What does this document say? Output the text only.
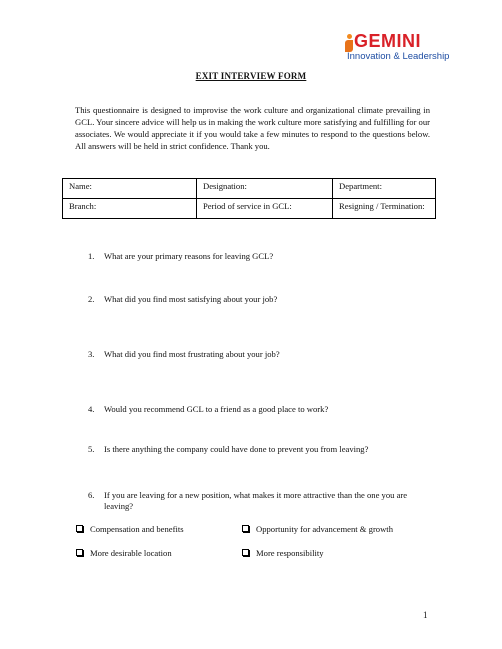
GEMINI
Innovation & Leadership
EXIT INTERVIEW FORM

This questionnaire is designed to improvise the work culture and organizational climate prevailing in GCL. Your sincere advice will help us in making the work culture more satisfying and fulfilling for our associates. We would appreciate it if you would take a few minutes to respond to the questions below. All answers will be held in strict confidence. Thank you.

Name:	Designation:	Department:
Branch:	Period of service in GCL:	Resigning / Termination:
1.	What are your primary reasons for leaving GCL?
2.	What did you find most satisfying about your job?
3.	What did you find most frustrating about your job?
4.	Would you recommend GCL to a friend as a good place to work?
5.	Is there anything the company could have done to prevent you from leaving?
6.	If you are leaving for a new position, what makes it more attractive than the one you are leaving?
Compensation and benefits	Opportunity for advancement & growth
More desirable location	More responsibility
1
